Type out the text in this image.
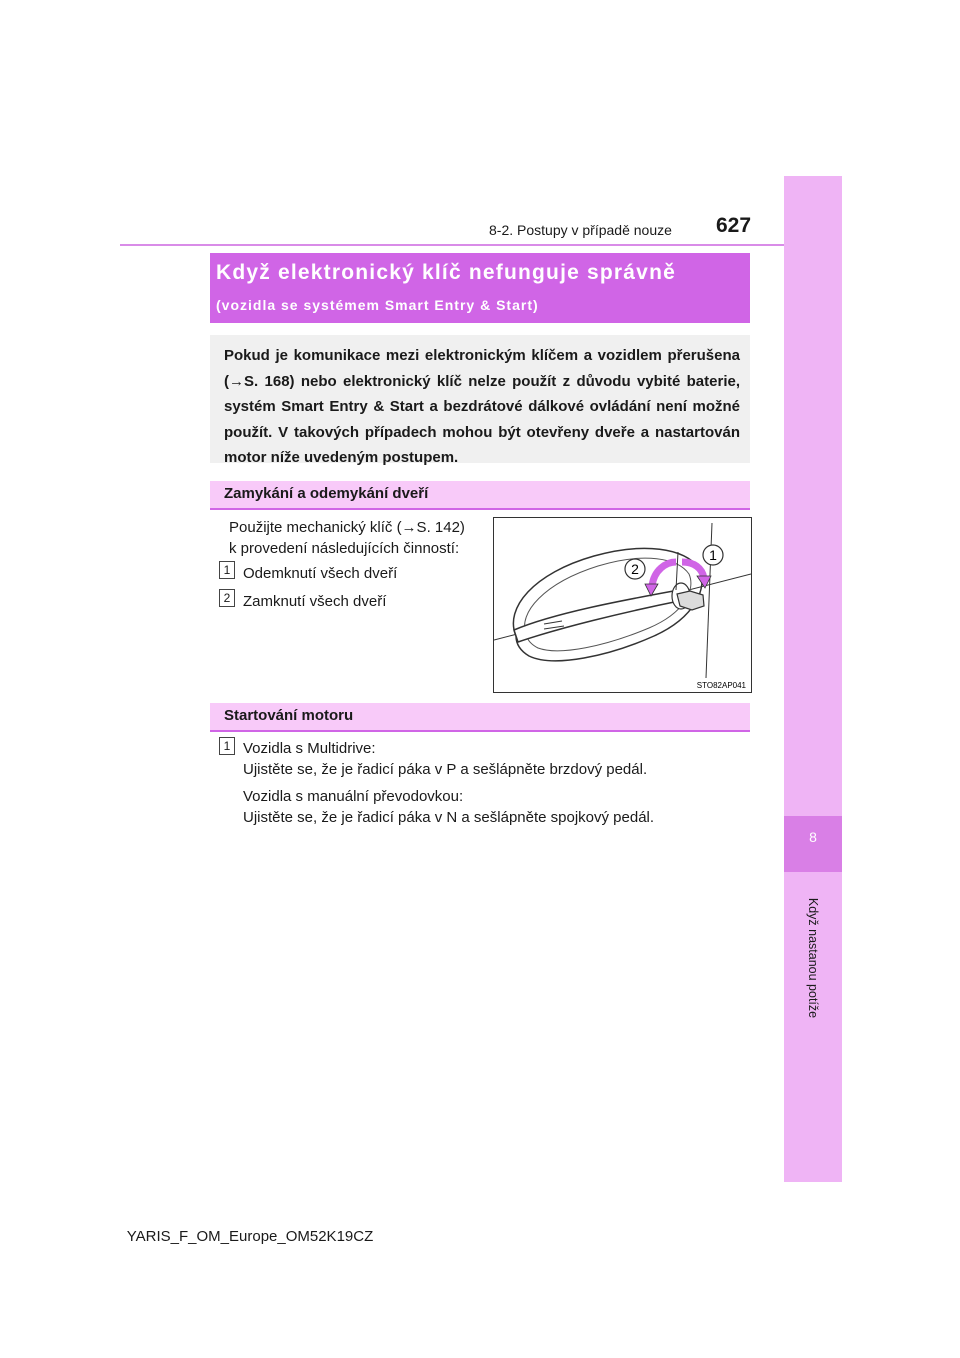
8-2. Postupy v případě nouze 627
8
Když nastanou potíže
Když elektronický klíč nefunguje správně
(vozidla se systémem Smart Entry & Start)
Pokud je komunikace mezi elektronickým klíčem a vozidlem přerušena (→S. 168) nebo elektronický klíč nelze použít z důvodu vybité baterie, systém Smart Entry & Start a bezdrátové dálkové ovládání není možné použít. V takových případech mohou být otevřeny dveře a nastartován motor níže uvedeným postupem.
Zamykání a odemykání dveří
Použijte mechanický klíč (→S. 142)
k provedení následujících činností:
1 Odemknutí všech dveří
2 Zamknutí všech dveří
1
2
STO82AP041
Startování motoru
1 Vozidla s Multidrive:
Ujistěte se, že je řadicí páka v P a sešlápněte brzdový pedál.
Vozidla s manuální převodovkou:
Ujistěte se, že je řadicí páka v N a sešlápněte spojkový pedál.
YARIS_F_OM_Europe_OM52K19CZ
